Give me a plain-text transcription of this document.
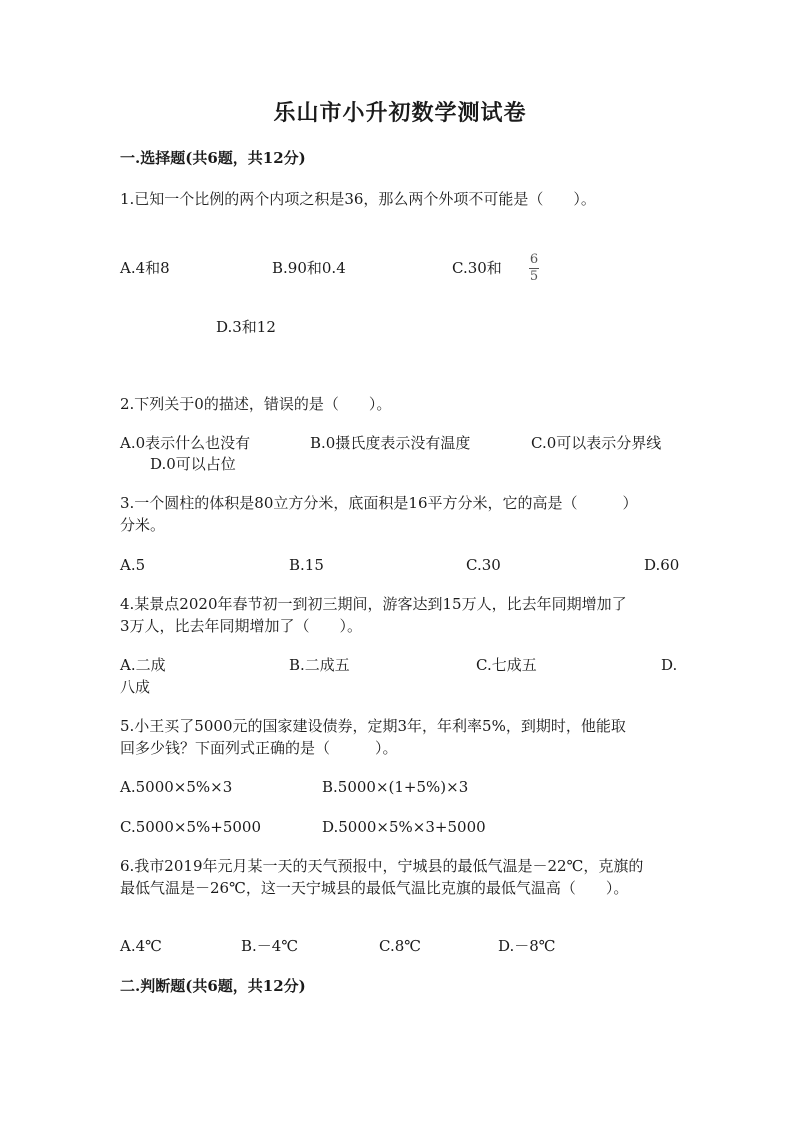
乐山市小升初数学测试卷
一.选择题(共6题，共12分)
1.已知一个比例的两个内项之积是36，那么两个外项不可能是（　　）。
A.4和8	B.90和0.4	C.30和 6
5
D.3和12
2.下列关于0的描述，错误的是（　　）。
A.0表示什么也没有	B.0摄氏度表示没有温度	C.0可以表示分界线
D.0可以占位
3.一个圆柱的体积是80立方分米，底面积是16平方分米，它的高是（　　　）
分米。
A.5	B.15	C.30	D.60
4.某景点2020年春节初一到初三期间，游客达到15万人，比去年同期增加了
3万人，比去年同期增加了（　　）。
A.二成	B.二成五	C.七成五	D.
八成
5.小王买了5000元的国家建设债券，定期3年，年利率5%，到期时，他能取
回多少钱？下面列式正确的是（　　　）。
A.5000×5%×3	B.5000×(1+5%)×3
C.5000×5%+5000	D.5000×5%×3+5000
6.我市2019年元月某一天的天气预报中，宁城县的最低气温是－22℃，克旗的
最低气温是－26℃，这一天宁城县的最低气温比克旗的最低气温高（　　）。
A.4℃	B.－4℃	C.8℃	D.－8℃
二.判断题(共6题，共12分)
